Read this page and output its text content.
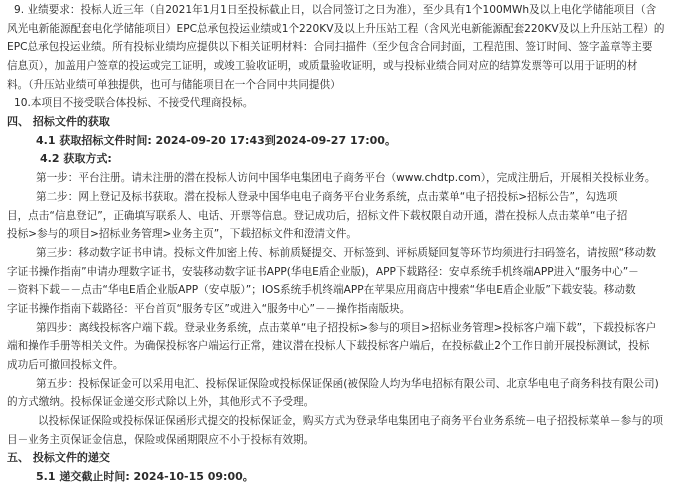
9. 业绩要求：投标人近三年（自2021年1月1日至投标截止日，以合同签订之日为准），至少具有1个100MWh及以上电化学储能项目（含
风光电新能源配套电化学储能项目）EPC总承包投运业绩或1个220KV及以上升压站工程（含风光电新能源配套220KV及以上升压站工程）的
EPC总承包投运业绩。所有投标业绩均应提供以下相关证明材料：合同扫描件（至少包含合同封面，工程范围、签订时间、签字盖章等主要
信息页），加盖用户签章的投运或完工证明，或竣工验收证明，或质量验收证明，或与投标业绩合同对应的结算发票等可以用于证明的材
料。（升压站业绩可单独提供，也可与储能项目在一个合同中共同提供）
10.本项目不接受联合体投标、不接受代理商投标。
四、 招标文件的获取
4.1 获取招标文件时间: 2024-09-20 17:43到2024-09-27 17:00。
4.2 获取方式:
第一步：平台注册。请未注册的潜在投标人访问中国华电集团电子商务平台（www.chdtp.com），完成注册后，开展相关投标业务。
第二步：网上登记及标书获取。潜在投标人登录中国华电电子商务平台业务系统，点击菜单“电子招投标>招标公告”，勾选项
目，点击“信息登记”，正确填写联系人、电话、开票等信息。登记成功后，招标文件下载权限自动开通，潜在投标人点击菜单“电子招
投标>参与的项目>招标业务管理>业务主页”，下载招标文件和澄清文件。
第三步：移动数字证书申请。投标文件加密上传、标前质疑提交、开标签到、评标质疑回复等环节均须进行扫码签名，请按照“移动数
字证书操作指南”申请办理数字证书，安装移动数字证书APP(华电E盾企业版)，APP下载路径：安卓系统手机终端APP进入“服务中心”－
－资料下载－－点击“华电E盾企业版APP（安卓版）”；IOS系统手机终端APP在苹果应用商店中搜索“华电E盾企业版”下载安装。移动数
字证书操作指南下载路径：平台首页“服务专区”或进入“服务中心”－－操作指南版块。
第四步：离线投标客户端下载。登录业务系统，点击菜单“电子招投标>参与的项目>招标业务管理>投标客户端下载”，下载投标客户
端和操作手册等相关文件。为确保投标客户端运行正常，建议潜在投标人下载投标客户端后，在投标截止2个工作日前开展投标测试，投标
成功后可撤回投标文件。
第五步：投标保证金可以采用电汇、投标保证保险或投标保证保函(被保险人均为华电招标有限公司、北京华电电子商务科技有限公司)
的方式缴纳。投标保证金递交形式除以上外，其他形式不予受理。
以投标保证保险或投标保证保函形式提交的投标保证金，购买方式为登录华电集团电子商务平台业务系统－电子招投标菜单－参与的项
目－业务主页保证金信息，保险或保函期限应不小于投标有效期。
五、 投标文件的递交
5.1 递交截止时间: 2024-10-15 09:00。
